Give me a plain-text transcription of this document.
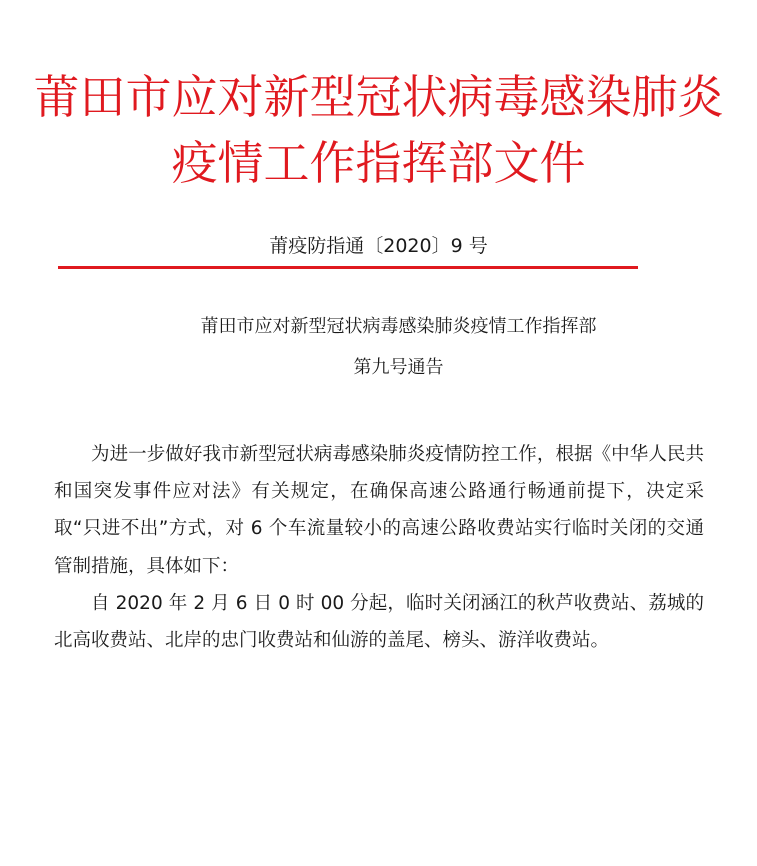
莆田市应对新型冠状病毒感染肺炎
疫情工作指挥部文件
莆疫防指通〔2020〕9 号
莆田市应对新型冠状病毒感染肺炎疫情工作指挥部
第九号通告

为进一步做好我市新型冠状病毒感染肺炎疫情防控工作，根据《中华人民共和国突发事件应对法》有关规定，在确保高速公路通行畅通前提下，决定采取“只进不出”方式，对 6 个车流量较小的高速公路收费站实行临时关闭的交通管制措施，具体如下：

自 2020 年 2 月 6 日 0 时 00 分起，临时关闭涵江的秋芦收费站、荔城的北高收费站、北岸的忠门收费站和仙游的盖尾、榜头、游洋收费站。
